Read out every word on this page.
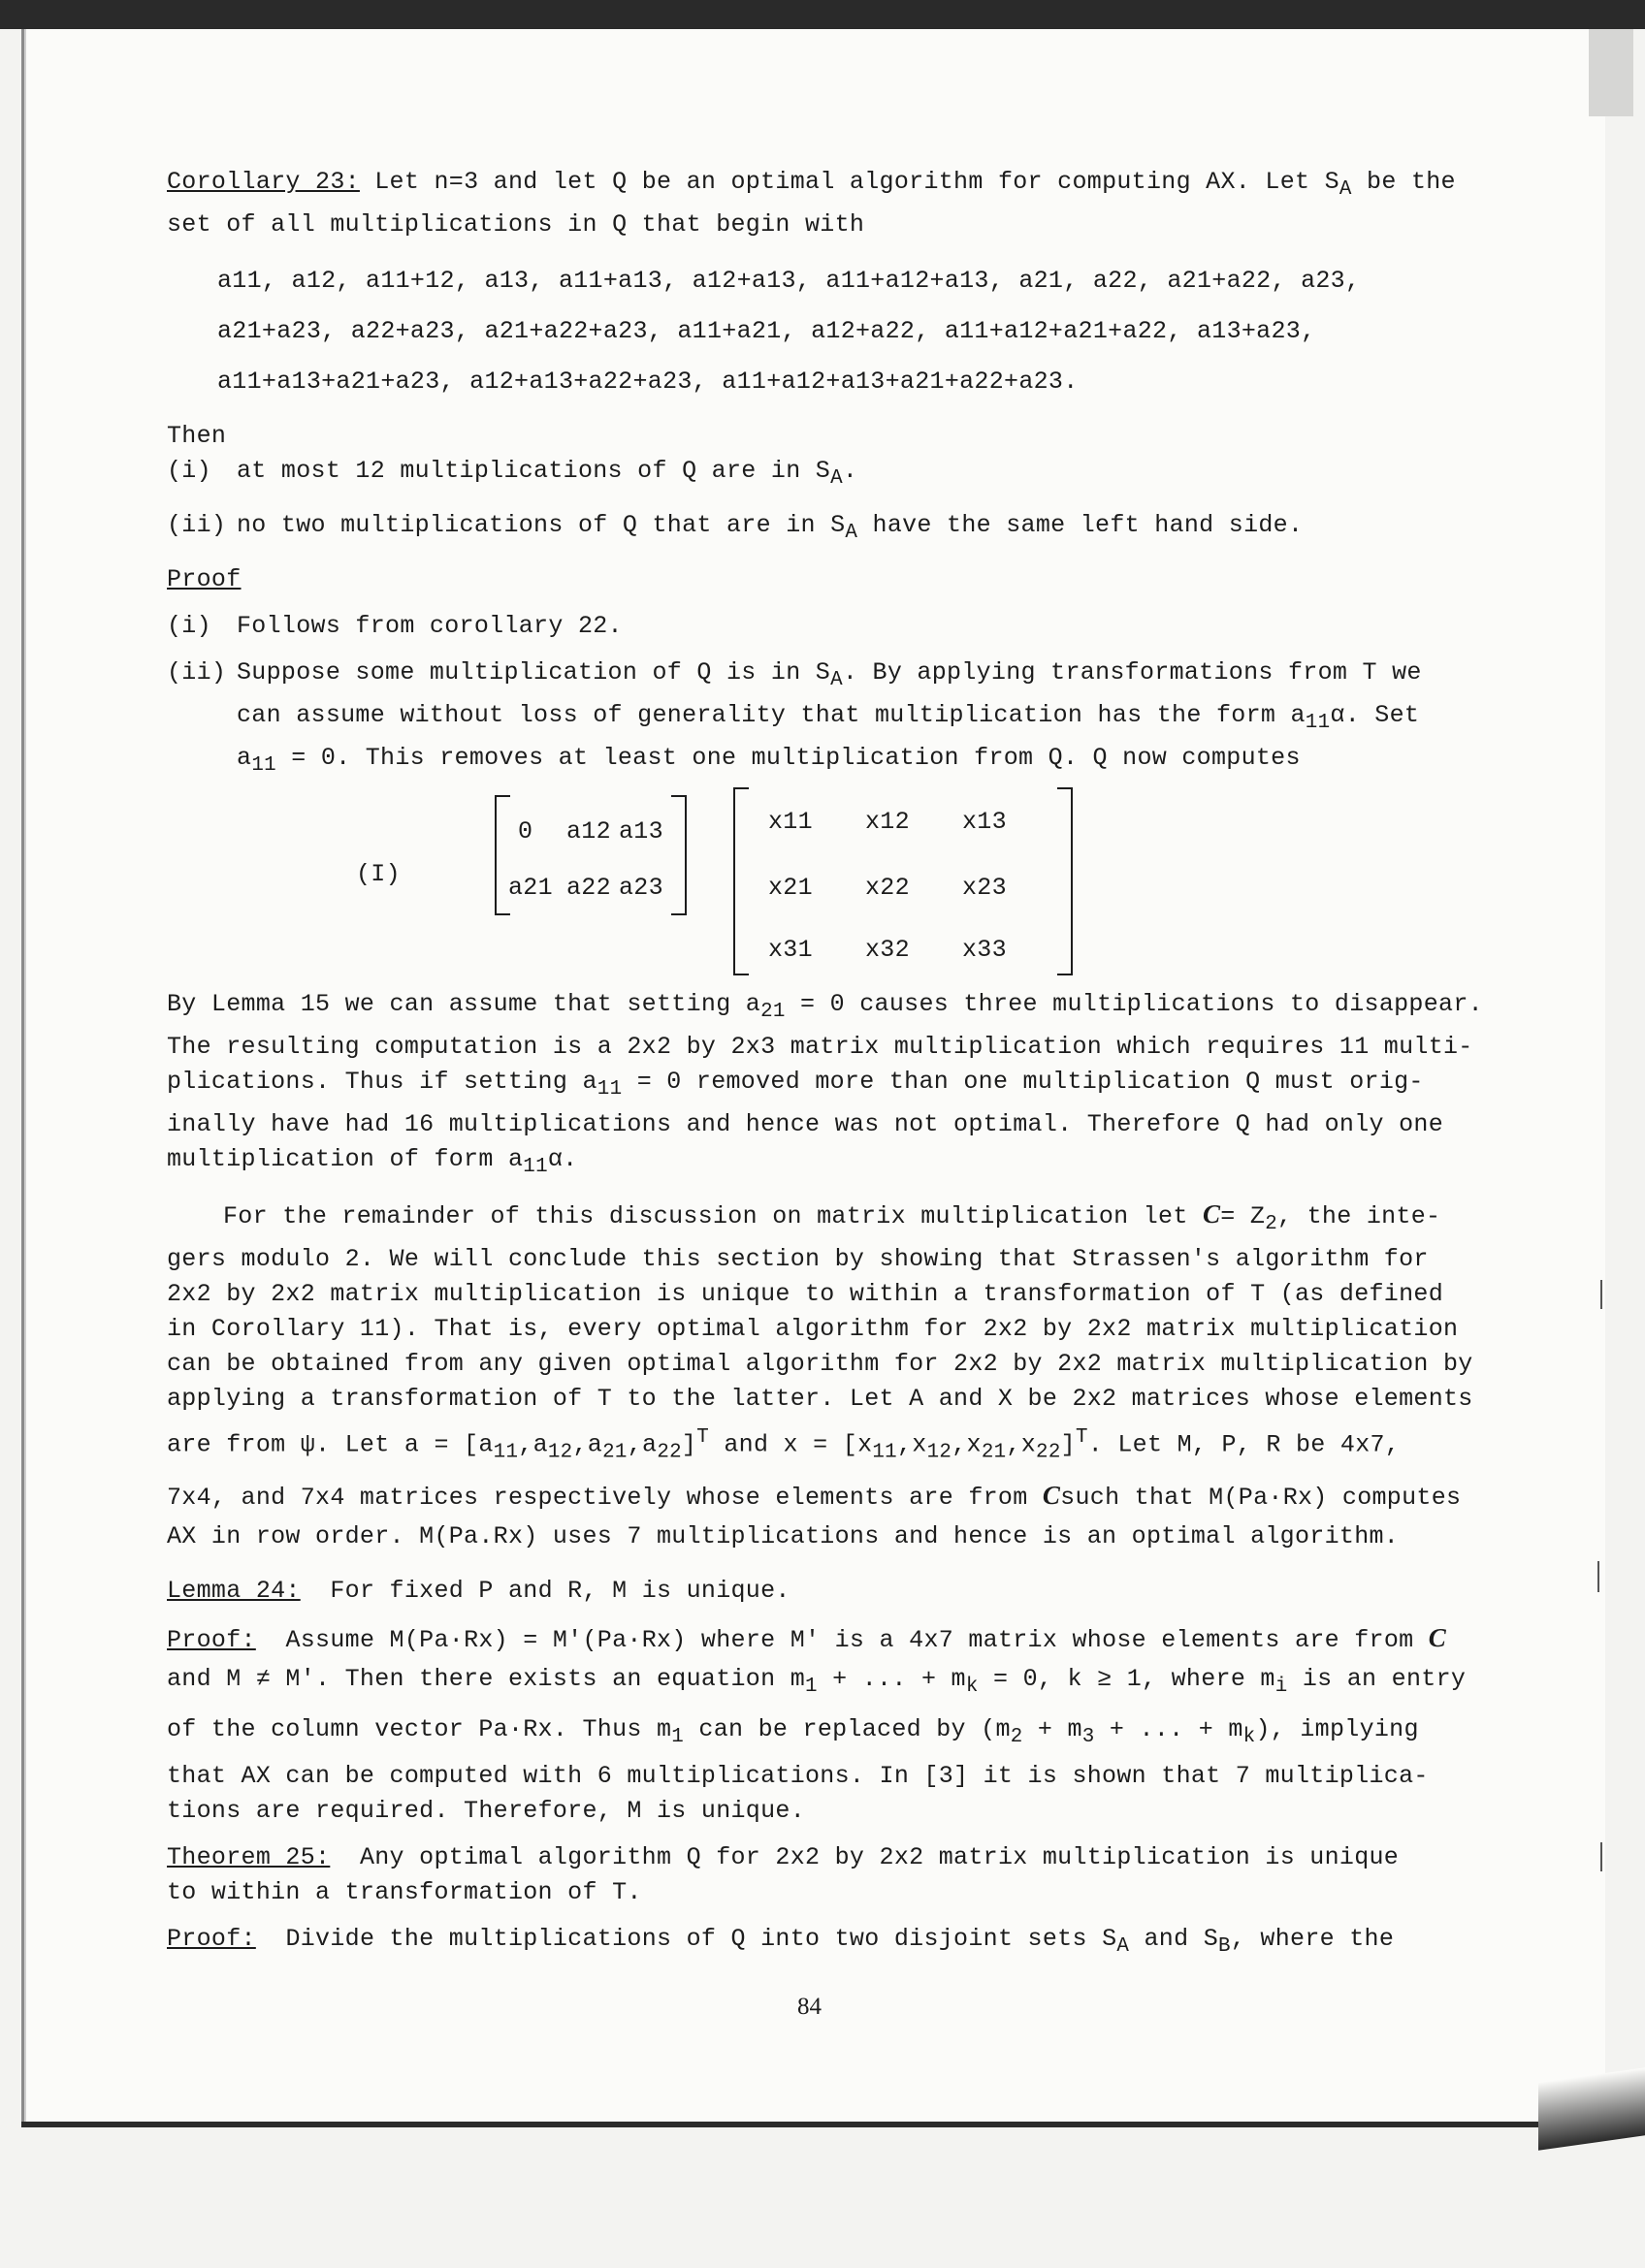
Corollary 23: Let n=3 and let Q be an optimal algorithm for computing AX. Let $S_A$ be the
set of all multiplications in Q that begin with
a11, a12, a11+12, a13, a11+a13, a12+a13, a11+a12+a13, a21, a22, a21+a22, a23,
a21+a23, a22+a23, a21+a22+a23, a11+a21, a12+a22, a11+a12+a21+a22, a13+a23,
a11+a13+a21+a23, a12+a13+a22+a23, a11+a12+a13+a21+a22+a23.
Then
(i)	at most 12 multiplications of Q are in $S_A$.
(ii) no two multiplications of Q that are in $S_A$ have the same left hand side.
Proof
(i)	Follows from corollary 22.
(ii) Suppose some multiplication of Q is in $S_A$. By applying transformations from T we
can assume without loss of generality that multiplication has the form $a_{11}\alpha$. Set
$a_{11} = 0$. This removes at least one multiplication from Q. Q now computes
(I)
0 a12 a13
a21 a22 a23
x11 x12 x13
x21 x22 x23
x31 x32 x33
By Lemma 15 we can assume that setting $a_{21} = 0$ causes three multiplications to disappear.
The resulting computation is a 2x2 by 2x3 matrix multiplication which requires 11 multi-
plications. Thus if setting $a_{11} = 0$ removed more than one multiplication Q must orig-
inally have had 16 multiplications and hence was not optimal. Therefore Q had only one
multiplication of form $a_{11}\alpha$.
For the remainder of this discussion on matrix multiplication let $C= Z_2$, the inte-
gers modulo 2. We will conclude this section by showing that Strassen's algorithm for
2x2 by 2x2 matrix multiplication is unique to within a transformation of T (as defined
in Corollary 11). That is, every optimal algorithm for 2x2 by 2x2 matrix multiplication
can be obtained from any given optimal algorithm for 2x2 by 2x2 matrix multiplication by
applying a transformation of T to the latter. Let A and X be 2x2 matrices whose elements
are from ψ. Let $a = [a_{11},a_{12},a_{21},a_{22}]^T$ and $x = [x_{11},x_{12},x_{21},x_{22}]^T$. Let M, P, R be 4x7,
7x4, and 7x4 matrices respectively whose elements are from Csuch that M(Pa·Rx) computes
AX in row order. M(Pa.Rx) uses 7 multiplications and hence is an optimal algorithm.
Lemma 24: For fixed P and R, M is unique.
Proof: Assume M(Pa·Rx) = M'(Pa·Rx) where M' is a 4x7 matrix whose elements are from C
and M ≠ M'. Then there exists an equation $m_1$ + ... + $m_k = 0$, k ≥ 1, where $m_i$ is an entry
of the column vector Pa·Rx. Thus $m_1$ can be replaced by ($m_2 + m_3$ + ... + $m_k$), implying
that AX can be computed with 6 multiplications. In [3] it is shown that 7 multiplica-
tions are required. Therefore, M is unique.
Theorem 25: Any optimal algorithm Q for 2x2 by 2x2 matrix multiplication is unique
to within a transformation of T.
Proof: Divide the multiplications of Q into two disjoint sets $S_A$ and $S_B$, where the
84
